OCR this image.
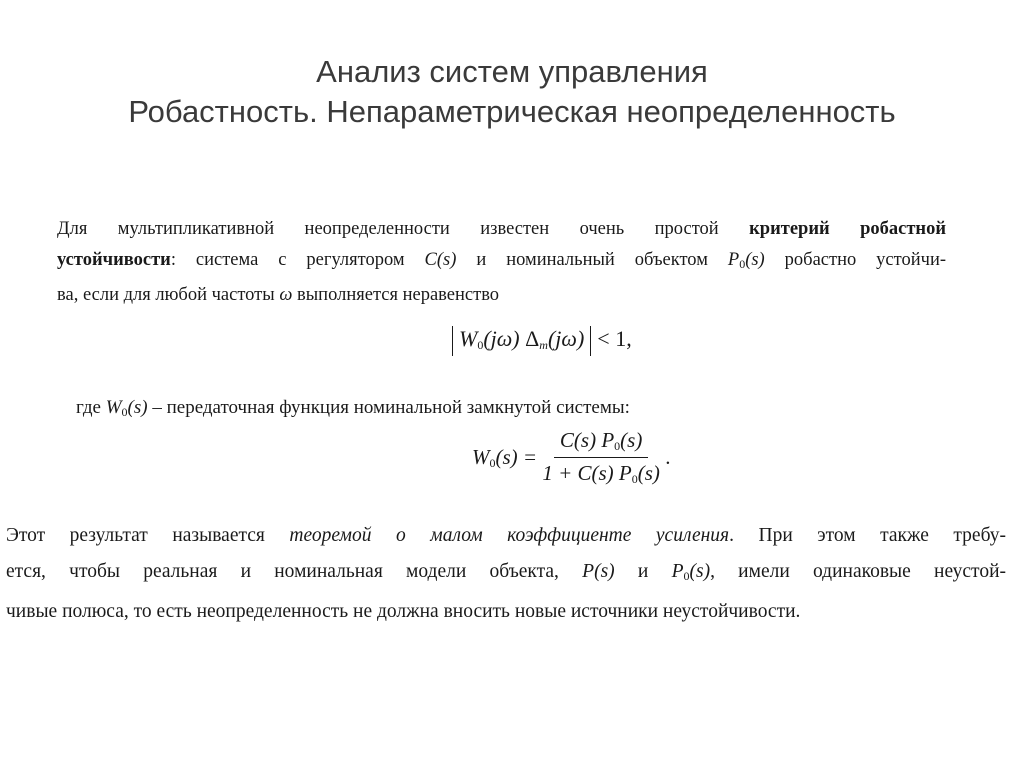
Анализ систем управления
Робастность. Непараметрическая неопределенность
Для мультипликативной неопределенности известен очень простой критерий робастной
устойчивости: система с регулятором C(s) и номинальный объектом $P_0(s)$ робастно устойчи-
ва, если для любой частоты ω выполняется неравенство
$W_0(j\omega) \Delta_m(j\omega) < 1$,
где $W_0(s)$ – передаточная функция номинальной замкнутой системы:
$W_0(s) = \frac{C(s) P_0(s)}{1 + C(s) P_0(s)}$ .
Этот результат называется теоремой о малом коэффициенте усиления. При этом также требу-
ется, чтобы реальная и номинальная модели объекта, P(s) и $P_0(s)$, имели одинаковые неустой-
чивые полюса, то есть неопределенность не должна вносить новые источники неустойчивости.
